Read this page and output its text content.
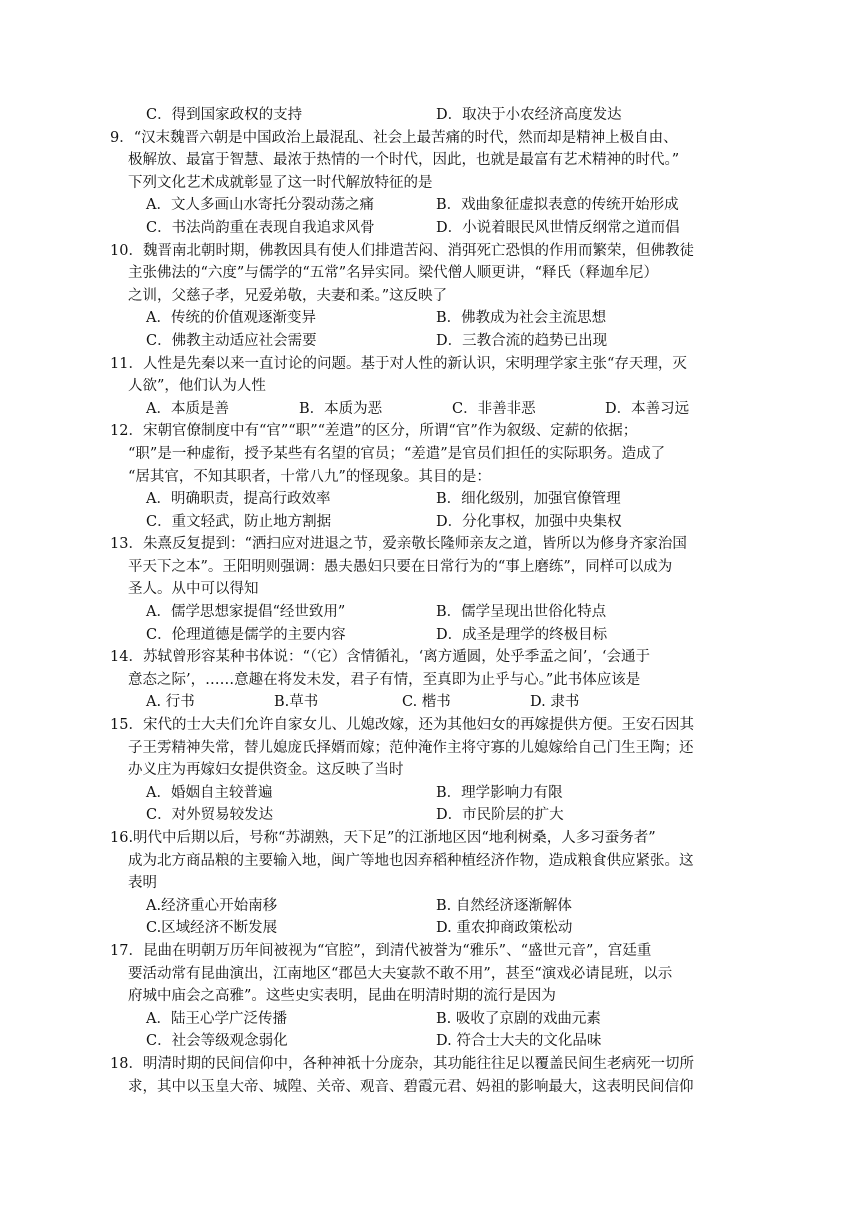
C．得到国家政权的支持	D．取决于小农经济高度发达

9．“汉末魏晋六朝是中国政治上最混乱、社会上最苦痛的时代，然而却是精神上极自由、

极解放、最富于智慧、最浓于热情的一个时代，因此，也就是最富有艺术精神的时代。”

下列文化艺术成就彰显了这一时代解放特征的是

A．文人多画山水寄托分裂动荡之痛	B．戏曲象征虚拟表意的传统开始形成
C．书法尚韵重在表现自我追求风骨	D．小说着眼民风世情反纲常之道而倡

10．魏晋南北朝时期，佛教因具有使人们排遣苦闷、消弭死亡恐惧的作用而繁荣，但佛教徒

主张佛法的“六度”与儒学的“五常”名异实同。梁代僧人顺更讲，“释氏（释迦牟尼）

之训，父慈子孝，兄爱弟敬，夫妻和柔。”这反映了

A．传统的价值观逐渐变异	B．佛教成为社会主流思想
C．佛教主动适应社会需要	D．三教合流的趋势已出现

11．人性是先秦以来一直讨论的问题。基于对人性的新认识，宋明理学家主张“存天理，灭

人欲”，他们认为人性

A．本质是善	B．本质为恶	C．非善非恶	D．本善习远

12．宋朝官僚制度中有“官”“职”“差遣”的区分，所谓“官”作为叙级、定薪的依据；

“职”是一种虚衔，授予某些有名望的官员；“差遣”是官员们担任的实际职务。造成了

“居其官，不知其职者，十常八九”的怪现象。其目的是：

A．明确职责，提高行政效率	B．细化级别，加强官僚管理
C．重文轻武，防止地方割据	D．分化事权，加强中央集权

13．朱熹反复提到：“洒扫应对进退之节，爱亲敬长隆师亲友之道，皆所以为修身齐家治国

平天下之本”。王阳明则强调：愚夫愚妇只要在日常行为的“事上磨练”，同样可以成为

圣人。从中可以得知

A．儒学思想家提倡“经世致用”	B．儒学呈现出世俗化特点
C．伦理道德是儒学的主要内容	D．成圣是理学的终极目标

14．苏轼曾形容某种书体说：“（它）含情循礼，‘离方遁圆，处乎季孟之间’，‘会通于

意态之际’，……意趣在将发未发，君子有情，至真即为止乎与心。”此书体应该是

A. 行书	B.草书	C. 楷书	D. 隶书

15．宋代的士大夫们允许自家女儿、儿媳改嫁，还为其他妇女的再嫁提供方便。王安石因其

子王雱精神失常，替儿媳庞氏择婿而嫁；范仲淹作主将守寡的儿媳嫁给自己门生王陶；还

办义庄为再嫁妇女提供资金。这反映了当时

A．婚姻自主较普遍	B．理学影响力有限
C．对外贸易较发达	D．市民阶层的扩大

16.明代中后期以后，号称“苏湖熟，天下足”的江浙地区因“地利树桑，人多习蚕务者”

成为北方商品粮的主要输入地，闽广等地也因弃稻种植经济作物，造成粮食供应紧张。这

表明

A.经济重心开始南移	B. 自然经济逐渐解体
C.区域经济不断发展	D. 重农抑商政策松动

17．昆曲在明朝万历年间被视为“官腔”，到清代被誉为“雅乐”、“盛世元音”，宫廷重

要活动常有昆曲演出，江南地区“郡邑大夫宴款不敢不用”，甚至“演戏必请昆班，以示

府城中庙会之高雅”。这些史实表明，昆曲在明清时期的流行是因为

A．陆王心学广泛传播	B. 吸收了京剧的戏曲元素
C．社会等级观念弱化	D. 符合士大夫的文化品味

18．明清时期的民间信仰中，各种神祇十分庞杂，其功能往往足以覆盖民间生老病死一切所

求，其中以玉皇大帝、城隍、关帝、观音、碧霞元君、妈祖的影响最大，这表明民间信仰
